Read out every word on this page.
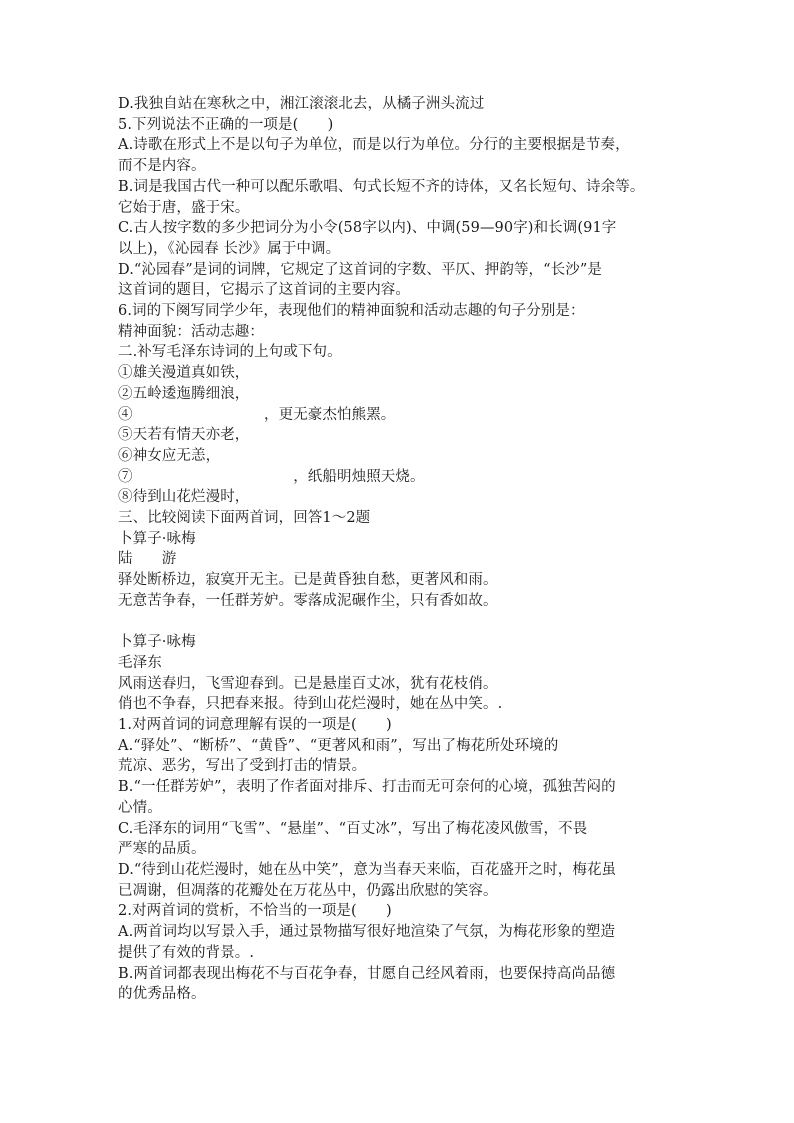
D.我独自站在寒秋之中，湘江滚滚北去，从橘子洲头流过
5.下列说法不正确的一项是(　　)
A.诗歌在形式上不是以句子为单位，而是以行为单位。分行的主要根据是节奏，
而不是内容。
B.词是我国古代一种可以配乐歌唱、句式长短不齐的诗体，又名长短句、诗余等。
它始于唐，盛于宋。
C.古人按字数的多少把词分为小令(58字以内)、中调(59—90字)和长调(91字
以上)，《沁园春 长沙》属于中调。
D.“沁园春”是词的词牌，它规定了这首词的字数、平仄、押韵等，“长沙”是
这首词的题目，它揭示了这首词的主要内容。
6.词的下阕写同学少年，表现他们的精神面貌和活动志趣的句子分别是：
精神面貌：活动志趣：
二.补写毛泽东诗词的上句或下句。
①雄关漫道真如铁，
②五岭逶迤腾细浪，
④　　　　　　　　　，更无豪杰怕熊罴。
⑤天若有情天亦老，
⑥神女应无恙，
⑦　　　　　　　　　　　，纸船明烛照天烧。
⑧待到山花烂漫时，
三、比较阅读下面两首词，回答1～2题
卜算子·咏梅
陆　　游
驿处断桥边，寂寞开无主。已是黄昏独自愁，更著风和雨。
无意苦争春，一任群芳妒。零落成泥碾作尘，只有香如故。
卜算子·咏梅
毛泽东
风雨送春归，飞雪迎春到。已是悬崖百丈冰，犹有花枝俏。
俏也不争春，只把春来报。待到山花烂漫时，她在丛中笑。.
1.对两首词的词意理解有误的一项是(　　)
A.“驿处”、“断桥”、“黄昏”、“更著风和雨”，写出了梅花所处环境的
荒凉、恶劣，写出了受到打击的情景。
B.“一任群芳妒”，表明了作者面对排斥、打击而无可奈何的心境，孤独苦闷的
心情。
C.毛泽东的词用“飞雪”、“悬崖”、“百丈冰”，写出了梅花凌风傲雪，不畏
严寒的品质。
D.“待到山花烂漫时，她在丛中笑”，意为当春天来临，百花盛开之时，梅花虽
已凋谢，但凋落的花瓣处在万花丛中，仍露出欣慰的笑容。
2.对两首词的赏析，不恰当的一项是(　　)
A.两首词均以写景入手，通过景物描写很好地渲染了气氛，为梅花形象的塑造
提供了有效的背景。.
B.两首词都表现出梅花不与百花争春，甘愿自己经风着雨，也要保持高尚品德
的优秀品格。
